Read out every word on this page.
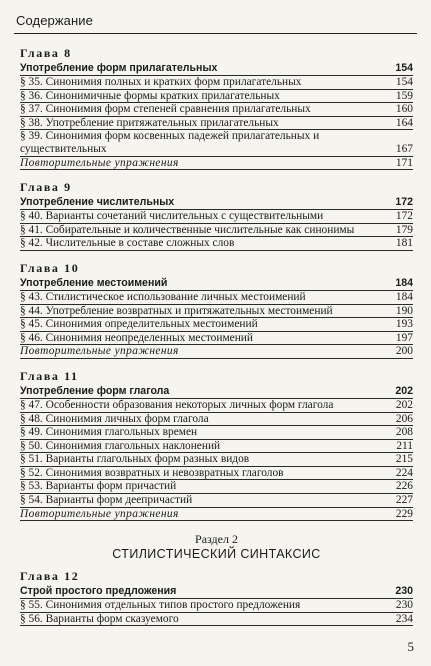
Содержание
Глава 8
Употребление форм прилагательных	154
§ 35. Синонимия полных и кратких форм прилагательных	154
§ 36. Синонимичные формы кратких прилагательных	159
§ 37. Синонимия форм степеней сравнения прилагательных	160
§ 38. Употребление притяжательных прилагательных	164
§ 39. Синонимия форм косвенных падежей прилагательных и существительных	167
Повторительные упражнения	171
Глава 9
Употребление числительных	172
§ 40. Варианты сочетаний числительных с существительными	172
§ 41. Собирательные и количественные числительные как синонимы	179
§ 42. Числительные в составе сложных слов	181
Глава 10
Употребление местоимений	184
§ 43. Стилистическое использование личных местоимений	184
§ 44. Употребление возвратных и притяжательных местоимений	190
§ 45. Синонимия определительных местоимений	193
§ 46. Синонимия неопределенных местоимений	197
Повторительные упражнения	200
Глава 11
Употребление форм глагола	202
§ 47. Особенности образования некоторых личных форм глагола	202
§ 48. Синонимия личных форм глагола	206
§ 49. Синонимия глагольных времен	208
§ 50. Синонимия глагольных наклонений	211
§ 51. Варианты глагольных форм разных видов	215
§ 52. Синонимия возвратных и невозвратных глаголов	224
§ 53. Варианты форм причастий	226
§ 54. Варианты форм деепричастий	227
Повторительные упражнения	229
Раздел 2
СТИЛИСТИЧЕСКИЙ СИНТАКСИС
Глава 12
Строй простого предложения	230
§ 55. Синонимия отдельных типов простого предложения	230
§ 56. Варианты форм сказуемого	234
5
